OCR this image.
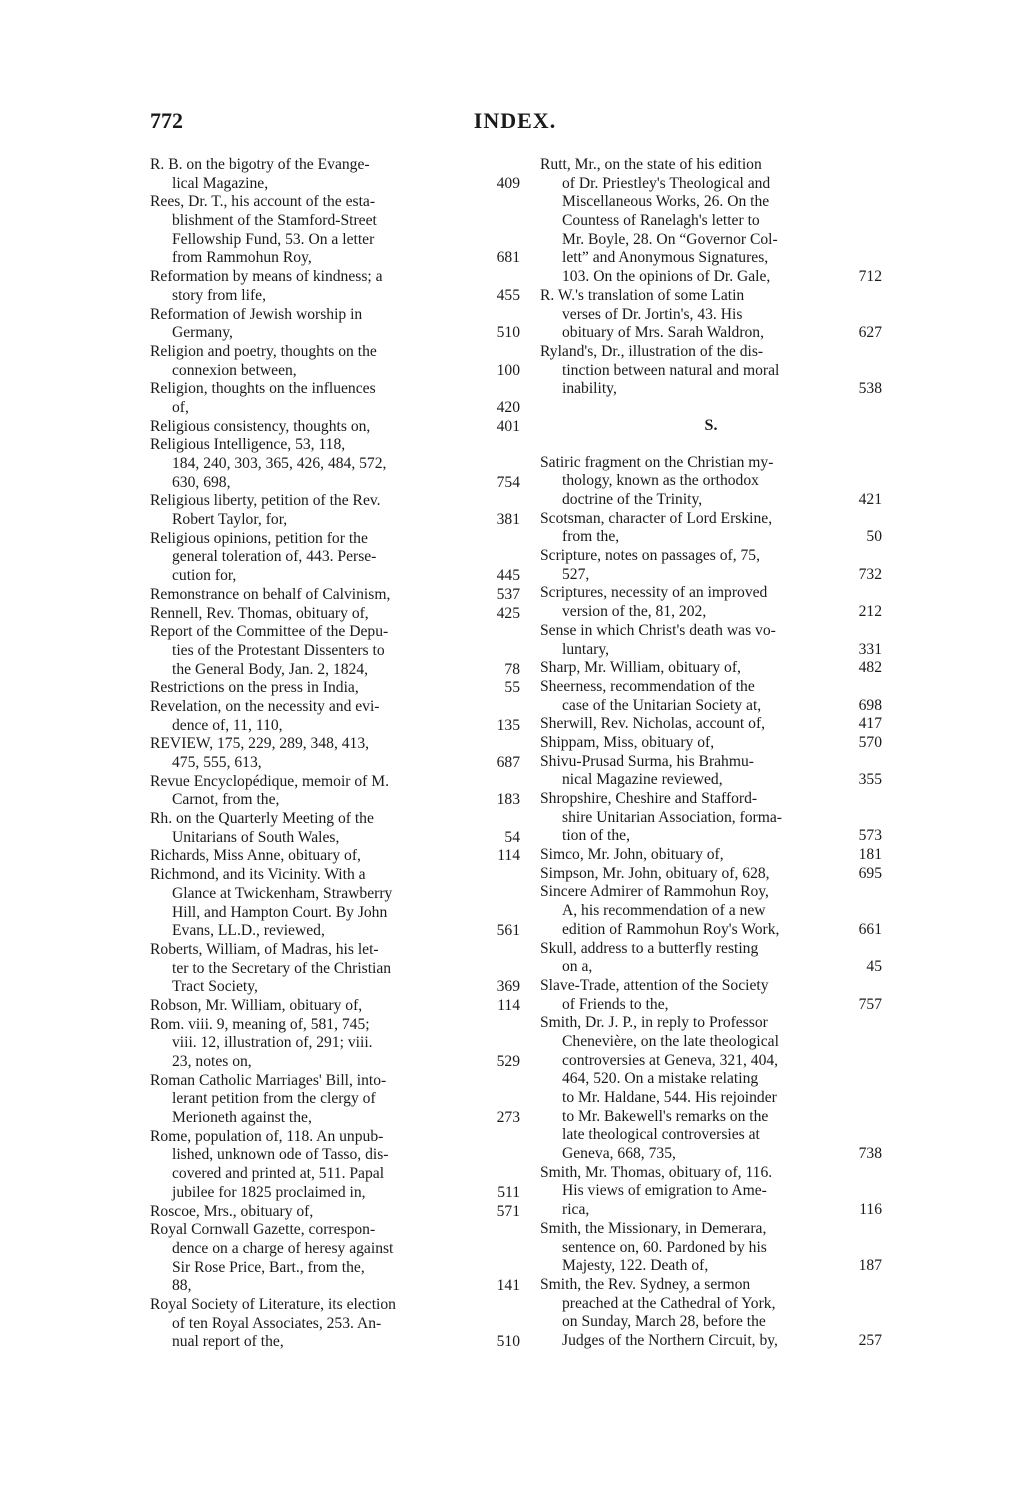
772	INDEX.
R. B. on the bigotry of the Evange-
lical Magazine,	409
Rees, Dr. T., his account of the esta-
blishment of the Stamford-Street
Fellowship Fund, 53. On a letter
from Rammohun Roy,	681
Reformation by means of kindness; a
story from life,	455
Reformation of Jewish worship in
Germany,	510
Religion and poetry, thoughts on the
connexion between,	100
Religion, thoughts on the influences
of,	420
Religious consistency, thoughts on,	401
Religious Intelligence, 53, 118,
184, 240, 303, 365, 426, 484, 572,
630, 698,	754
Religious liberty, petition of the Rev.
Robert Taylor, for,	381
Religious opinions, petition for the
general toleration of, 443. Perse-
cution for,	445
Remonstrance on behalf of Calvinism,	537
Rennell, Rev. Thomas, obituary of,	425
Report of the Committee of the Depu-
ties of the Protestant Dissenters to
the General Body, Jan. 2, 1824,	78
Restrictions on the press in India,	55
Revelation, on the necessity and evi-
dence of, 11, 110,	135
REVIEW, 175, 229, 289, 348, 413,
475, 555, 613,	687
Revue Encyclopédique, memoir of M.
Carnot, from the,	183
Rh. on the Quarterly Meeting of the
Unitarians of South Wales,	54
Richards, Miss Anne, obituary of,	114
Richmond, and its Vicinity. With a
Glance at Twickenham, Strawberry
Hill, and Hampton Court. By John
Evans, LL.D., reviewed,	561
Roberts, William, of Madras, his let-
ter to the Secretary of the Christian
Tract Society,	369
Robson, Mr. William, obituary of,	114
Rom. viii. 9, meaning of, 581, 745;
viii. 12, illustration of, 291; viii.
23, notes on,	529
Roman Catholic Marriages' Bill, into-
lerant petition from the clergy of
Merioneth against the,	273
Rome, population of, 118. An unpub-
lished, unknown ode of Tasso, dis-
covered and printed at, 511. Papal
jubilee for 1825 proclaimed in,	511
Roscoe, Mrs., obituary of,	571
Royal Cornwall Gazette, correspon-
dence on a charge of heresy against
Sir Rose Price, Bart., from the,
88,	141
Royal Society of Literature, its election
of ten Royal Associates, 253. An-
nual report of the,	510
Rutt, Mr., on the state of his edition
of Dr. Priestley's Theological and
Miscellaneous Works, 26. On the
Countess of Ranelagh's letter to
Mr. Boyle, 28. On “Governor Col-
lett” and Anonymous Signatures,
103. On the opinions of Dr. Gale,	712
R. W.'s translation of some Latin
verses of Dr. Jortin's, 43. His
obituary of Mrs. Sarah Waldron,	627
Ryland's, Dr., illustration of the dis-
tinction between natural and moral
inability,	538
S.
Satiric fragment on the Christian my-
thology, known as the orthodox
doctrine of the Trinity,	421
Scotsman, character of Lord Erskine,
from the,	50
Scripture, notes on passages of, 75,
527,	732
Scriptures, necessity of an improved
version of the, 81, 202,	212
Sense in which Christ's death was vo-
luntary,	331
Sharp, Mr. William, obituary of,	482
Sheerness, recommendation of the
case of the Unitarian Society at,	698
Sherwill, Rev. Nicholas, account of,	417
Shippam, Miss, obituary of,	570
Shivu-Prusad Surma, his Brahmu-
nical Magazine reviewed,	355
Shropshire, Cheshire and Stafford-
shire Unitarian Association, forma-
tion of the,	573
Simco, Mr. John, obituary of,	181
Simpson, Mr. John, obituary of, 628,	695
Sincere Admirer of Rammohun Roy,
A, his recommendation of a new
edition of Rammohun Roy's Work,	661
Skull, address to a butterfly resting
on a,	45
Slave-Trade, attention of the Society
of Friends to the,	757
Smith, Dr. J. P., in reply to Professor
Chenevière, on the late theological
controversies at Geneva, 321, 404,
464, 520. On a mistake relating
to Mr. Haldane, 544. His rejoinder
to Mr. Bakewell's remarks on the
late theological controversies at
Geneva, 668, 735,	738
Smith, Mr. Thomas, obituary of, 116.
His views of emigration to Ame-
rica,	116
Smith, the Missionary, in Demerara,
sentence on, 60. Pardoned by his
Majesty, 122. Death of,	187
Smith, the Rev. Sydney, a sermon
preached at the Cathedral of York,
on Sunday, March 28, before the
Judges of the Northern Circuit, by,	257
